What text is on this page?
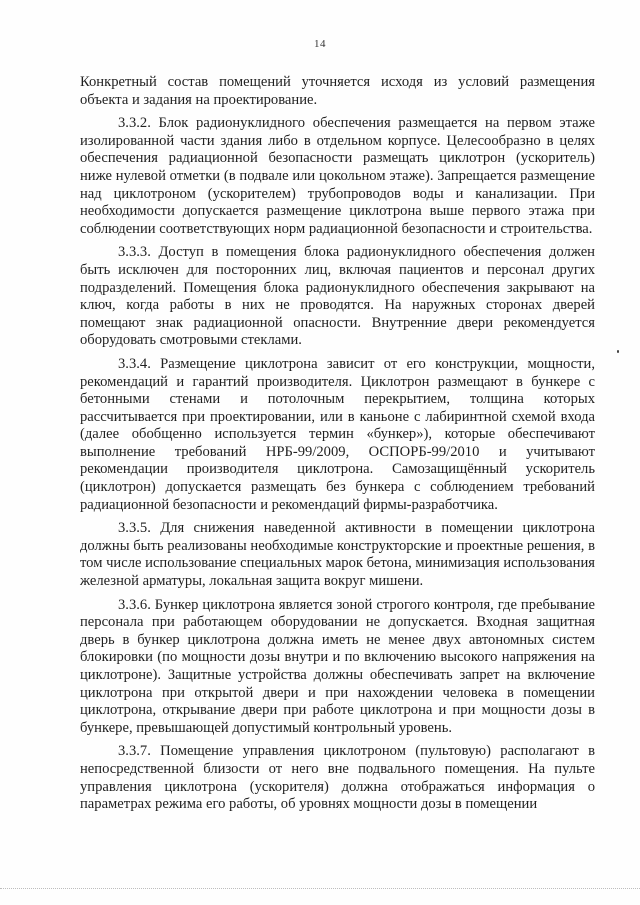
14

Конкретный состав помещений уточняется исходя из условий размещения объекта и задания на проектирование.

3.3.2. Блок радионуклидного обеспечения размещается на первом этаже изолированной части здания либо в отдельном корпусе. Целесообразно в целях обеспечения радиационной безопасности размещать циклотрон (ускоритель) ниже нулевой отметки (в подвале или цокольном этаже). Запрещается размещение над циклотроном (ускорителем) трубопроводов воды и канализации. При необходимости допускается размещение циклотрона выше первого этажа при соблюдении соответствующих норм радиационной безопасности и строительства.

3.3.3. Доступ в помещения блока радионуклидного обеспечения должен быть исключен для посторонних лиц, включая пациентов и персонал других подразделений. Помещения блока радионуклидного обеспечения закрывают на ключ, когда работы в них не проводятся. На наружных сторонах дверей помещают знак радиационной опасности. Внутренние двери рекомендуется оборудовать смотровыми стеклами.

3.3.4. Размещение циклотрона зависит от его конструкции, мощности, рекомендаций и гарантий производителя. Циклотрон размещают в бункере с бетонными стенами и потолочным перекрытием, толщина которых рассчитывается при проектировании, или в каньоне с лабиринтной схемой входа (далее обобщенно используется термин «бункер»), которые обеспечивают выполнение требований НРБ-99/2009, ОСПОРБ-99/2010 и учитывают рекомендации производителя циклотрона. Самозащищённый ускоритель (циклотрон) допускается размещать без бункера с соблюдением требований радиационной безопасности и рекомендаций фирмы-разработчика.

3.3.5. Для снижения наведенной активности в помещении циклотрона должны быть реализованы необходимые конструкторские и проектные решения, в том числе использование специальных марок бетона, минимизация использования железной арматуры, локальная защита вокруг мишени.

3.3.6. Бункер циклотрона является зоной строгого контроля, где пребывание персонала при работающем оборудовании не допускается. Входная защитная дверь в бункер циклотрона должна иметь не менее двух автономных систем блокировки (по мощности дозы внутри и по включению высокого напряжения на циклотроне). Защитные устройства должны обеспечивать запрет на включение циклотрона при открытой двери и при нахождении человека в помещении циклотрона, открывание двери при работе циклотрона и при мощности дозы в бункере, превышающей допустимый контрольный уровень.

3.3.7. Помещение управления циклотроном (пультовую) располагают в непосредственной близости от него вне подвального помещения. На пульте управления циклотрона (ускорителя) должна отображаться информация о параметрах режима его работы, об уровнях мощности дозы в помещении
